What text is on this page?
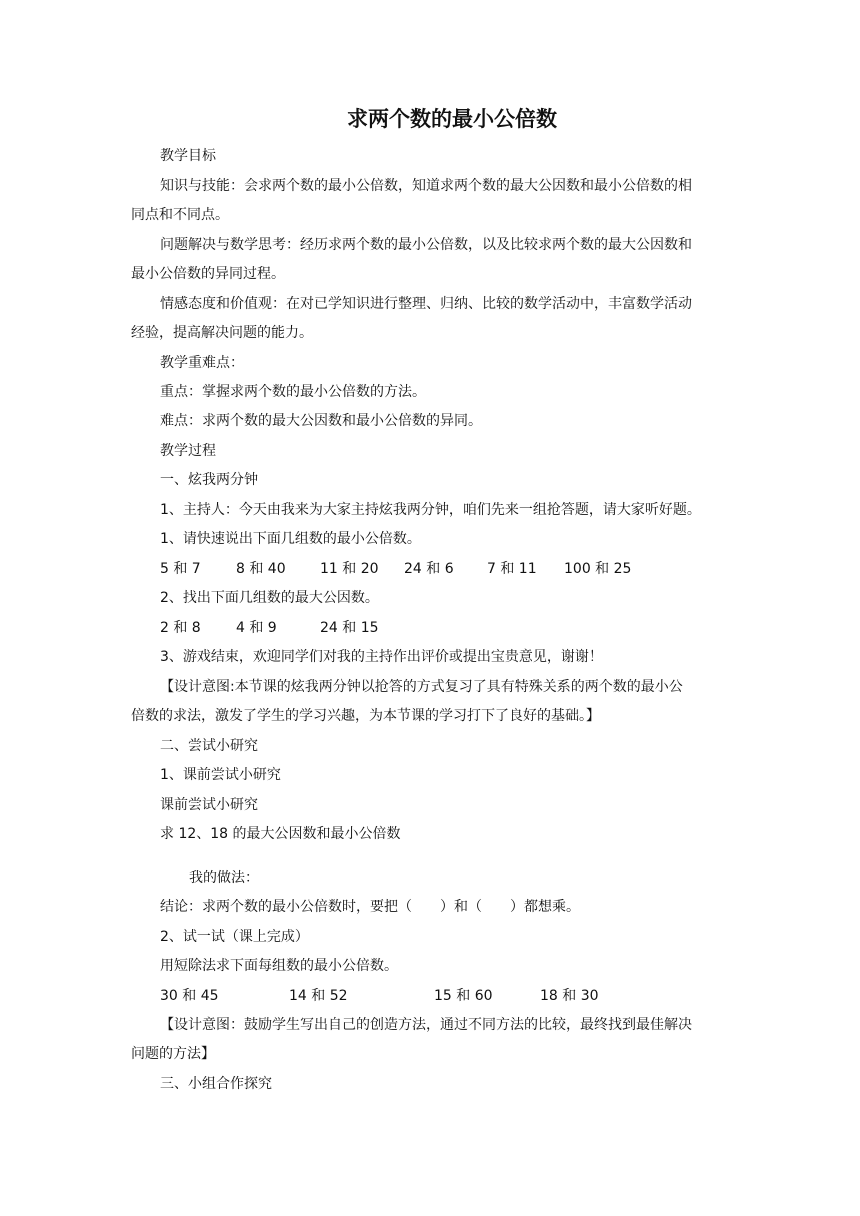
求两个数的最小公倍数
教学目标
知识与技能：会求两个数的最小公倍数，知道求两个数的最大公因数和最小公倍数的相
同点和不同点。
问题解决与数学思考：经历求两个数的最小公倍数，以及比较求两个数的最大公因数和
最小公倍数的异同过程。
情感态度和价值观：在对已学知识进行整理、归纳、比较的数学活动中，丰富数学活动
经验，提高解决问题的能力。
教学重难点：
重点：掌握求两个数的最小公倍数的方法。
难点：求两个数的最大公因数和最小公倍数的异同。
教学过程
一、炫我两分钟
1、主持人：今天由我来为大家主持炫我两分钟，咱们先来一组抢答题，请大家听好题。
1、请快速说出下面几组数的最小公倍数。
5 和 7	8 和 40 11 和 20 24 和 6 7 和 11 100 和 25
2、找出下面几组数的最大公因数。
2 和 8	4 和 9	24 和 15
3、游戏结束，欢迎同学们对我的主持作出评价或提出宝贵意见，谢谢！
【设计意图:本节课的炫我两分钟以抢答的方式复习了具有特殊关系的两个数的最小公
倍数的求法，激发了学生的学习兴趣，为本节课的学习打下了良好的基础。】
二、尝试小研究
1、课前尝试小研究
课前尝试小研究
求 12、18 的最大公因数和最小公倍数
我的做法：
结论：求两个数的最小公倍数时，要把（　　）和（　　）都想乘。
2、试一试（课上完成）
用短除法求下面每组数的最小公倍数。
30 和 45	14 和 52	15 和 60	18 和 30
【设计意图：鼓励学生写出自己的创造方法，通过不同方法的比较，最终找到最佳解决
问题的方法】
三、小组合作探究
